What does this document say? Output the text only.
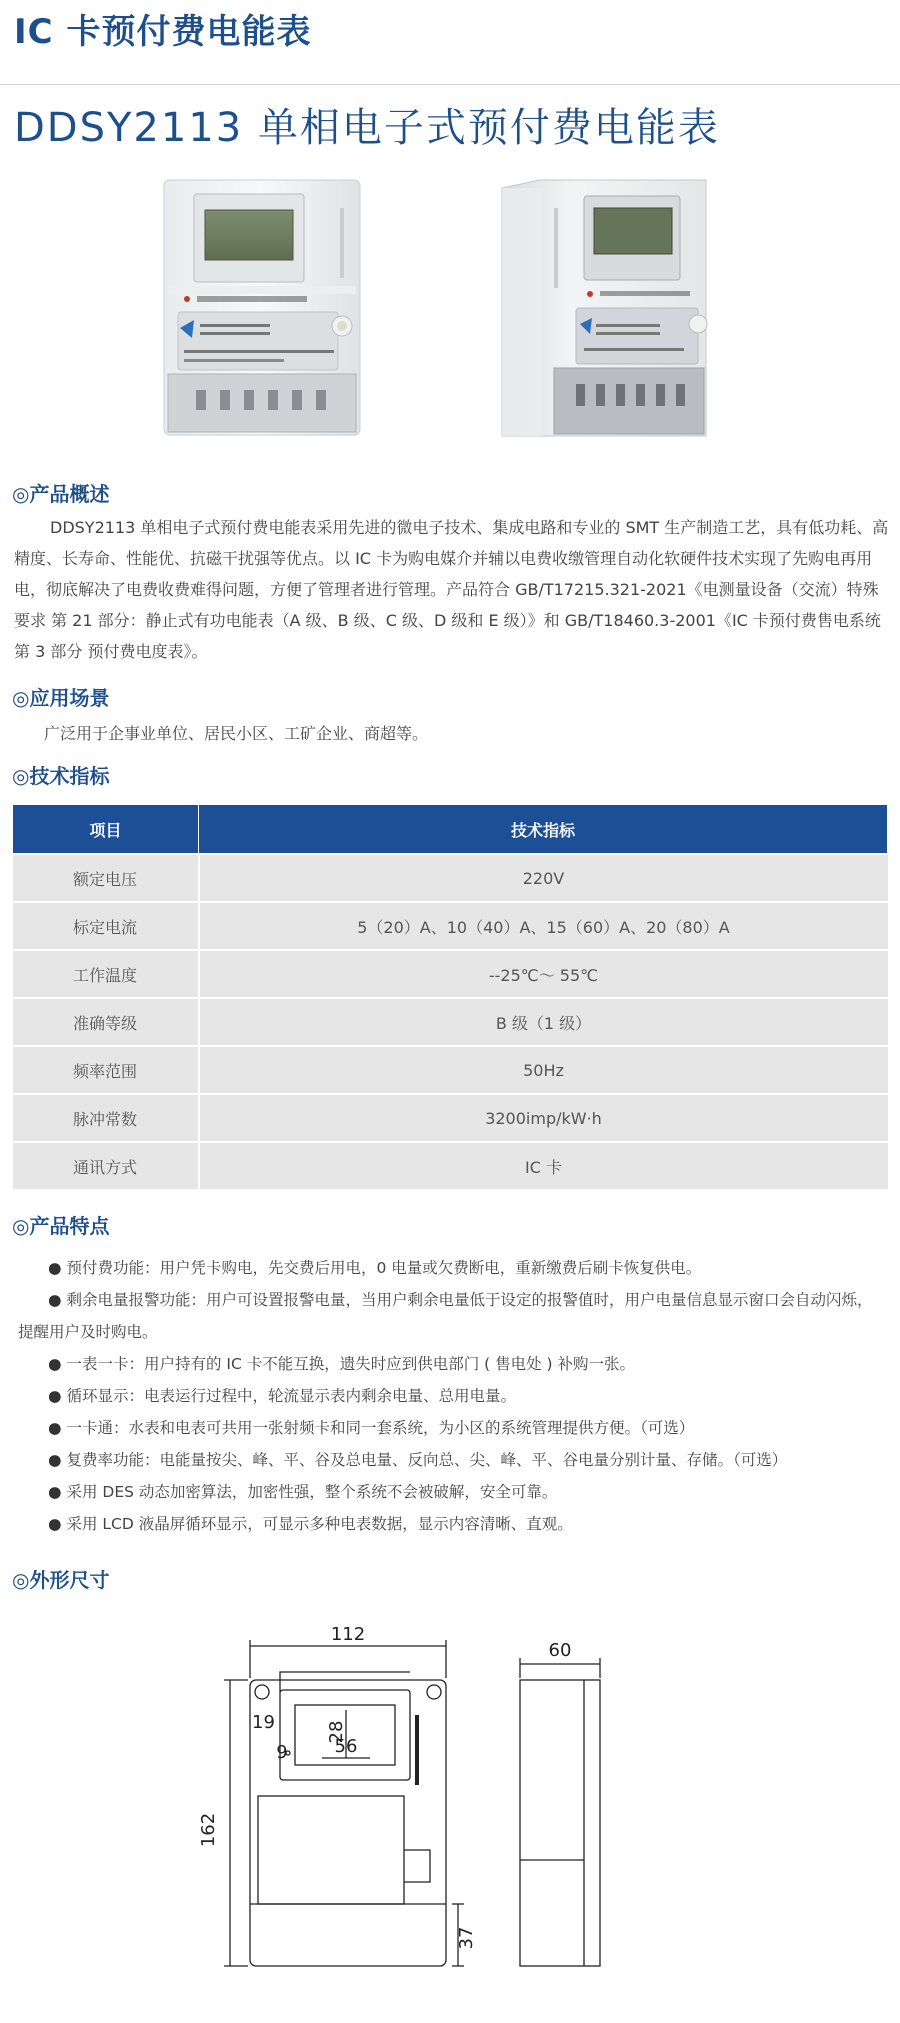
IC 卡预付费电能表
DDSY2113 单相电子式预付费电能表
◎产品概述
DDSY2113 单相电子式预付费电能表采用先进的微电子技术、集成电路和专业的 SMT 生产制造工艺，具有低功耗、高精度、长寿命、性能优、抗磁干扰强等优点。以 IC 卡为购电媒介并辅以电费收缴管理自动化软硬件技术实现了先购电再用电，彻底解决了电费收费难得问题，方便了管理者进行管理。产品符合 GB/T17215.321-2021《电测量设备（交流）特殊要求 第 21 部分：静止式有功电能表（A 级、B 级、C 级、D 级和 E 级）》和 GB/T18460.3-2001《IC 卡预付费售电系统第 3 部分 预付费电度表》。
◎应用场景
广泛用于企事业单位、居民小区、工矿企业、商超等。
◎技术指标
项目	技术指标
额定电压	220V
标定电流	5（20）A、10（40）A、15（60）A、20（80）A
工作温度	--25℃～ 55℃
准确等级	B 级（1 级）
频率范围	50Hz
脉冲常数	3200imp/kW·h
通讯方式	IC 卡
◎产品特点
● 预付费功能：用户凭卡购电，先交费后用电，0 电量或欠费断电，重新缴费后刷卡恢复供电。
● 剩余电量报警功能：用户可设置报警电量，当用户剩余电量低于设定的报警值时，用户电量信息显示窗口会自动闪烁，提醒用户及时购电。
● 一表一卡：用户持有的 IC 卡不能互换，遗失时应到供电部门 ( 售电处 ) 补购一张。
● 循环显示：电表运行过程中，轮流显示表内剩余电量、总用电量。
● 一卡通：水表和电表可共用一张射频卡和同一套系统，为小区的系统管理提供方便。（可选）
● 复费率功能：电能量按尖、峰、平、谷及总电量、反向总、尖、峰、平、谷电量分别计量、存储。（可选）
● 采用 DES 动态加密算法，加密性强，整个系统不会被破解，安全可靠。
● 采用 LCD 液晶屏循环显示，可显示多种电表数据，显示内容清晰、直观。
◎外形尺寸
112
162
60
56
28
19
9
37
